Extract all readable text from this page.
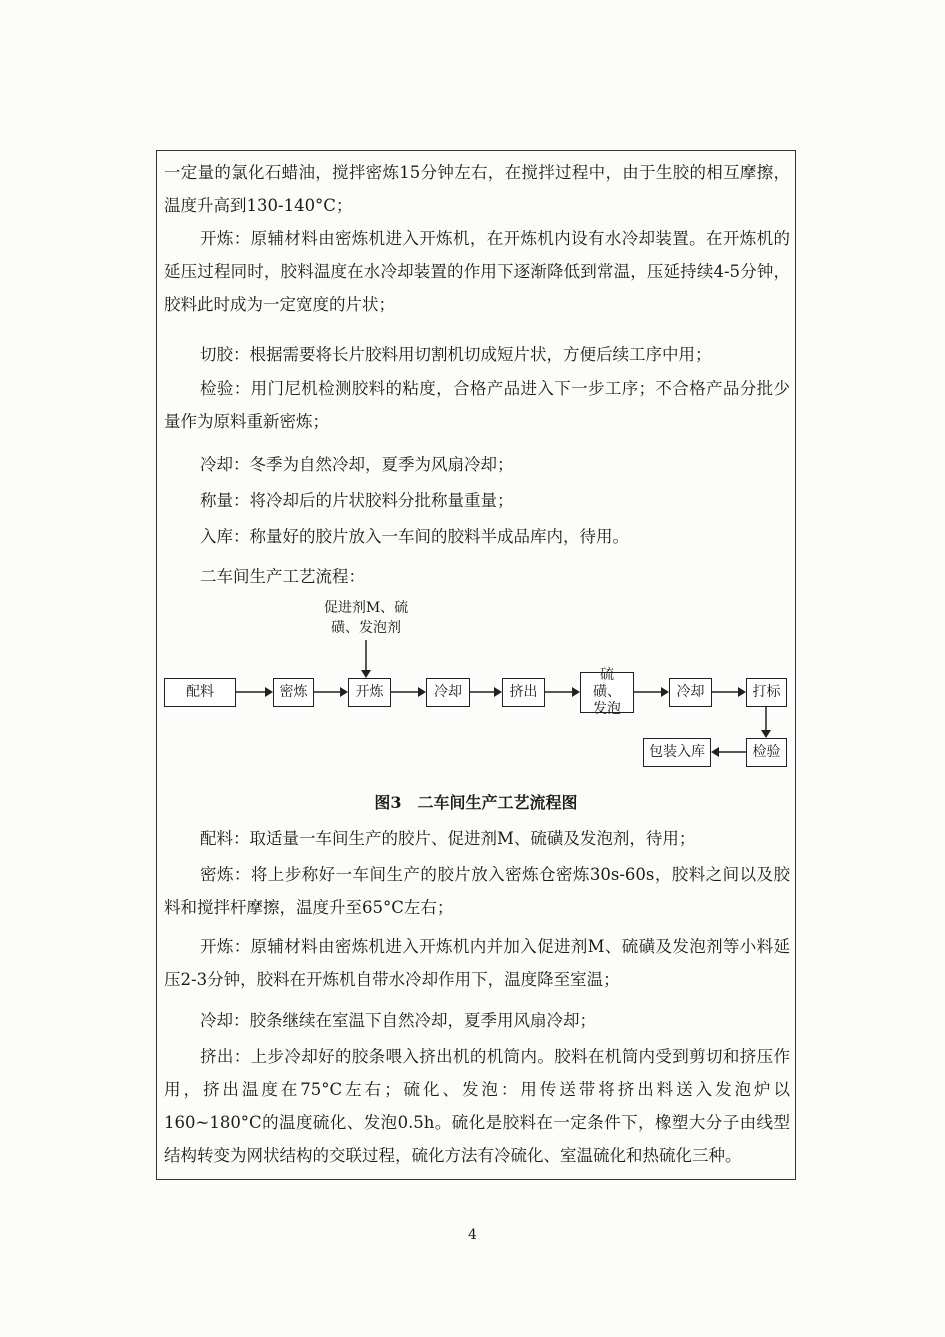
一定量的氯化石蜡油，搅拌密炼15分钟左右，在搅拌过程中，由于生胶的相互摩擦，温度升高到130-140°C；

开炼：原辅材料由密炼机进入开炼机，在开炼机内设有水冷却装置。在开炼机的延压过程同时，胶料温度在水冷却装置的作用下逐渐降低到常温，压延持续4-5分钟，胶料此时成为一定宽度的片状；

切胶：根据需要将长片胶料用切割机切成短片状，方便后续工序中用；

检验：用门尼机检测胶料的粘度，合格产品进入下一步工序；不合格产品分批少量作为原料重新密炼；

冷却：冬季为自然冷却，夏季为风扇冷却；

称量：将冷却后的片状胶料分批称量重量；

入库：称量好的胶片放入一车间的胶料半成品库内，待用。

二车间生产工艺流程：

促进剂M、硫
磺、发泡剂
配料	密炼	开炼	冷却	挤出
硫磺、发泡
冷却	打标
检验
包装入库
图3　二车间生产工艺流程图

配料：取适量一车间生产的胶片、促进剂M、硫磺及发泡剂，待用；

密炼：将上步称好一车间生产的胶片放入密炼仓密炼30s-60s，胶料之间以及胶料和搅拌杆摩擦，温度升至65°C左右；

开炼：原辅材料由密炼机进入开炼机内并加入促进剂M、硫磺及发泡剂等小料延压2-3分钟，胶料在开炼机自带水冷却作用下，温度降至室温；

冷却：胶条继续在室温下自然冷却，夏季用风扇冷却；

挤出：上步冷却好的胶条喂入挤出机的机筒内。胶料在机筒内受到剪切和挤压作用，挤出温度在75°C左右；硫化、发泡：用传送带将挤出料送入发泡炉以160~180°C的温度硫化、发泡0.5h。硫化是胶料在一定条件下，橡塑大分子由线型结构转变为网状结构的交联过程，硫化方法有冷硫化、室温硫化和热硫化三种。

4
